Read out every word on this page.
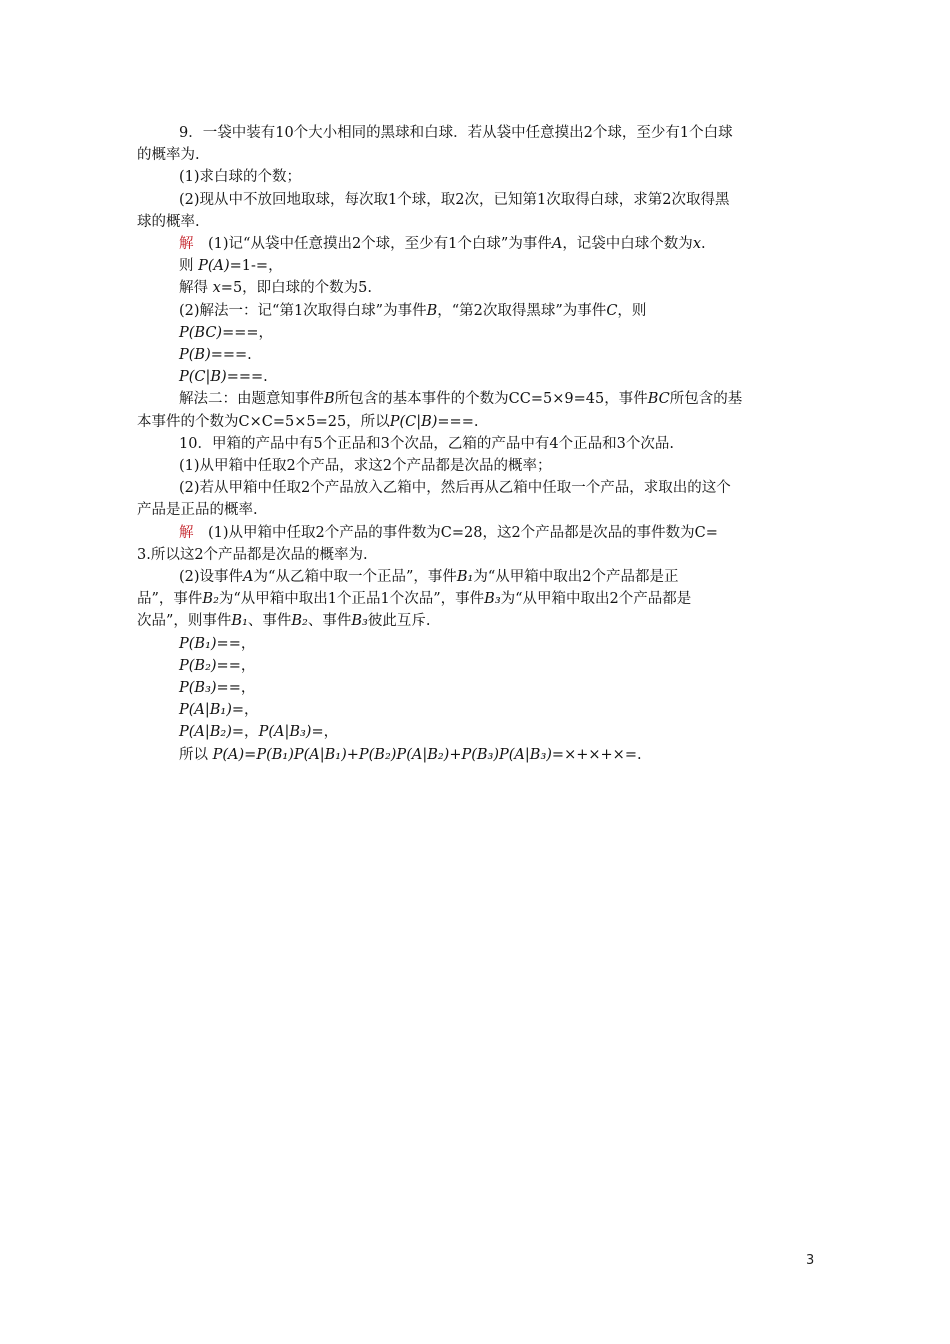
9．一袋中装有10个大小相同的黑球和白球．若从袋中任意摸出2个球，至少有1个白球
的概率为.
(1)求白球的个数；
(2)现从中不放回地取球，每次取1个球，取2次，已知第1次取得白球，求第2次取得黑
球的概率.
解　 (1)记“从袋中任意摸出2个球，至少有1个白球”为事件A，记袋中白球个数为x.
则 P(A)=1-=，
解得 x=5，即白球的个数为5.
(2)解法一：记“第1次取得白球”为事件B，“第2次取得黑球”为事件C，则
P(BC)===，
P(B)===.
P(C|B)===.
解法二：由题意知事件B所包含的基本事件的个数为CC=5×9=45，事件BC所包含的基
本事件的个数为C×C=5×5=25，所以P(C|B)===.
10．甲箱的产品中有5个正品和3个次品，乙箱的产品中有4个正品和3个次品.
(1)从甲箱中任取2个产品，求这2个产品都是次品的概率；
(2)若从甲箱中任取2个产品放入乙箱中，然后再从乙箱中任取一个产品，求取出的这个
产品是正品的概率.
解　 (1)从甲箱中任取2个产品的事件数为C=28，这2个产品都是次品的事件数为C=
3.所以这2个产品都是次品的概率为.
(2)设事件A为“从乙箱中取一个正品”，事件B₁为“从甲箱中取出2个产品都是正
品”，事件B₂为“从甲箱中取出1个正品1个次品”，事件B₃为“从甲箱中取出2个产品都是
次品”，则事件B₁、事件B₂、事件B₃彼此互斥.
P(B₁)==，
P(B₂)==，
P(B₃)==，
P(A|B₁)=，
P(A|B₂)=，P(A|B₃)=，
所以 P(A)=P(B₁)P(A|B₁)+P(B₂)P(A|B₂)+P(B₃)P(A|B₃)=×+×+×=.
3
